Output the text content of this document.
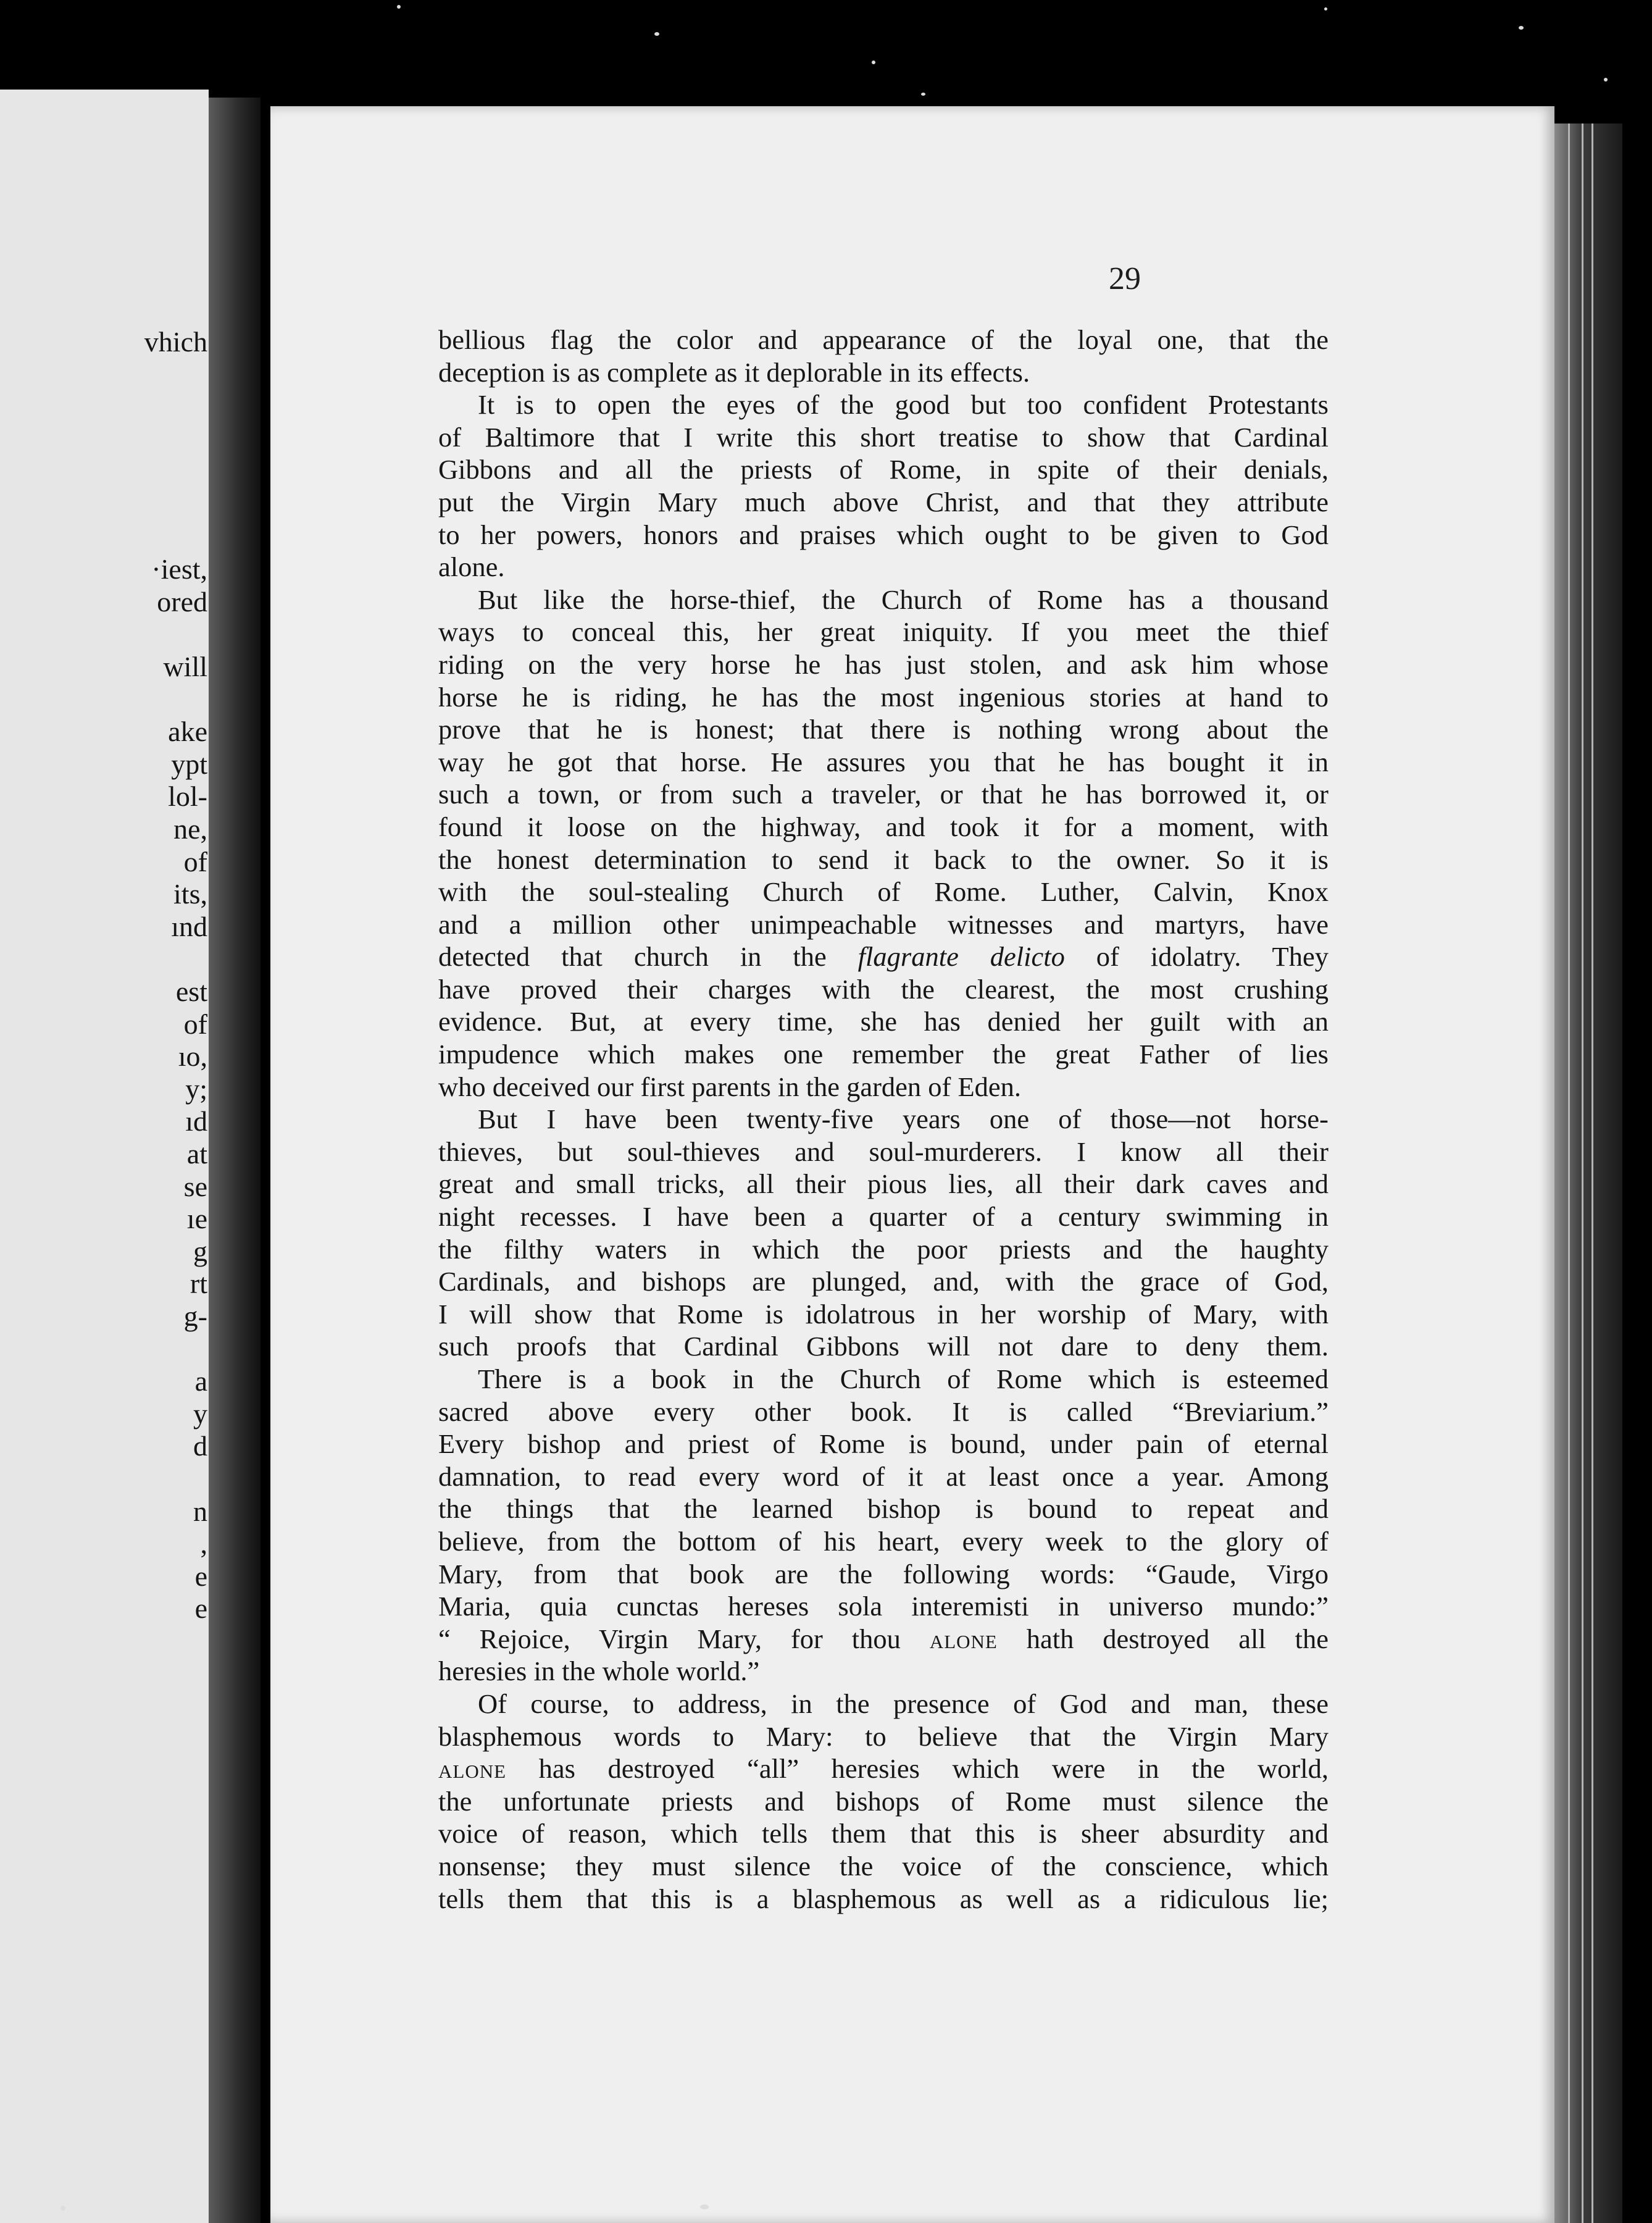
vhich
·iest,
ored
will
ake
ypt
lol-
ne,
of
its,
ınd
est
of
ıo,
y;
ıd
at
se
ıe
g
rt
g-
a
y
d
n
,
e
e
29
bellious flag the color and appearance of the loyal one, that the
deception is as complete as it deplorable in its effects.
It is to open the eyes of the good but too confident Protestants
of Baltimore that I write this short treatise to show that Cardinal
Gibbons and all the priests of Rome, in spite of their denials,
put the Virgin Mary much above Christ, and that they attribute
to her powers, honors and praises which ought to be given to God
alone.
But like the horse-thief, the Church of Rome has a thousand
ways to conceal this, her great iniquity. If you meet the thief
riding on the very horse he has just stolen, and ask him whose
horse he is riding, he has the most ingenious stories at hand to
prove that he is honest; that there is nothing wrong about the
way he got that horse. He assures you that he has bought it in
such a town, or from such a traveler, or that he has borrowed it, or
found it loose on the highway, and took it for a moment, with
the honest determination to send it back to the owner. So it is
with the soul-stealing Church of Rome. Luther, Calvin, Knox
and a million other unimpeachable witnesses and martyrs, have
detected that church in the flagrante delicto of idolatry. They
have proved their charges with the clearest, the most crushing
evidence. But, at every time, she has denied her guilt with an
impudence which makes one remember the great Father of lies
who deceived our first parents in the garden of Eden.
But I have been twenty-five years one of those—not horse-
thieves, but soul-thieves and soul-murderers. I know all their
great and small tricks, all their pious lies, all their dark caves and
night recesses. I have been a quarter of a century swimming in
the filthy waters in which the poor priests and the haughty
Cardinals, and bishops are plunged, and, with the grace of God,
I will show that Rome is idolatrous in her worship of Mary, with
such proofs that Cardinal Gibbons will not dare to deny them.
There is a book in the Church of Rome which is esteemed
sacred above every other book. It is called “Breviarium.”
Every bishop and priest of Rome is bound, under pain of eternal
damnation, to read every word of it at least once a year. Among
the things that the learned bishop is bound to repeat and
believe, from the bottom of his heart, every week to the glory of
Mary, from that book are the following words: “Gaude, Virgo
Maria, quia cunctas hereses sola interemisti in universo mundo:”
“ Rejoice, Virgin Mary, for thou alone hath destroyed all the
heresies in the whole world.”
Of course, to address, in the presence of God and man, these
blasphemous words to Mary: to believe that the Virgin Mary
alone has destroyed “all” heresies which were in the world,
the unfortunate priests and bishops of Rome must silence the
voice of reason, which tells them that this is sheer absurdity and
nonsense; they must silence the voice of the conscience, which
tells them that this is a blasphemous as well as a ridiculous lie;
